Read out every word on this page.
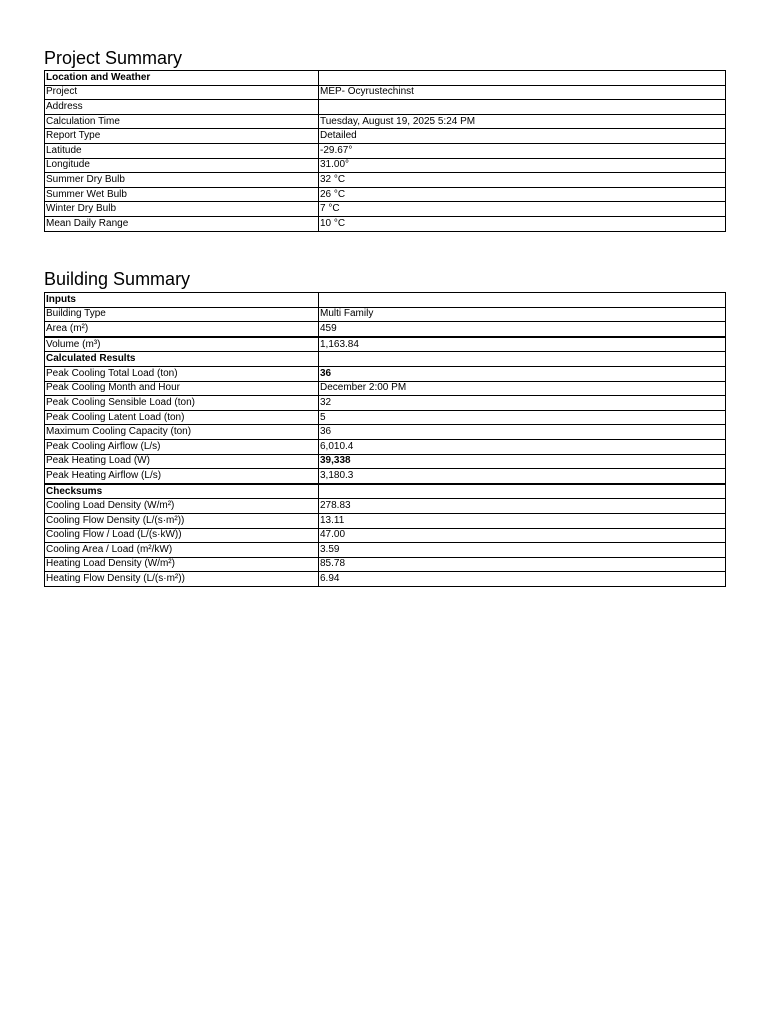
Project Summary
Location and Weather	
Project	MEP- Ocyrustechinst
Address	
Calculation Time	Tuesday, August 19, 2025 5:24 PM
Report Type	Detailed
Latitude	-29.67°
Longitude	31.00°
Summer Dry Bulb	32 °C
Summer Wet Bulb	26 °C
Winter Dry Bulb	7 °C
Mean Daily Range	10 °C
Building Summary
Inputs	
Building Type	Multi Family
Area (m²)	459
Volume (m³)	1,163.84
Calculated Results	
Peak Cooling Total Load (ton)	36
Peak Cooling Month and Hour	December 2:00 PM
Peak Cooling Sensible Load (ton)	32
Peak Cooling Latent Load (ton)	5
Maximum Cooling Capacity (ton)	36
Peak Cooling Airflow (L/s)	6,010.4
Peak Heating Load (W)	39,338
Peak Heating Airflow (L/s)	3,180.3
Checksums	
Cooling Load Density (W/m²)	278.83
Cooling Flow Density (L/(s·m²))	13.11
Cooling Flow / Load (L/(s·kW))	47.00
Cooling Area / Load (m²/kW)	3.59
Heating Load Density (W/m²)	85.78
Heating Flow Density (L/(s·m²))	6.94
